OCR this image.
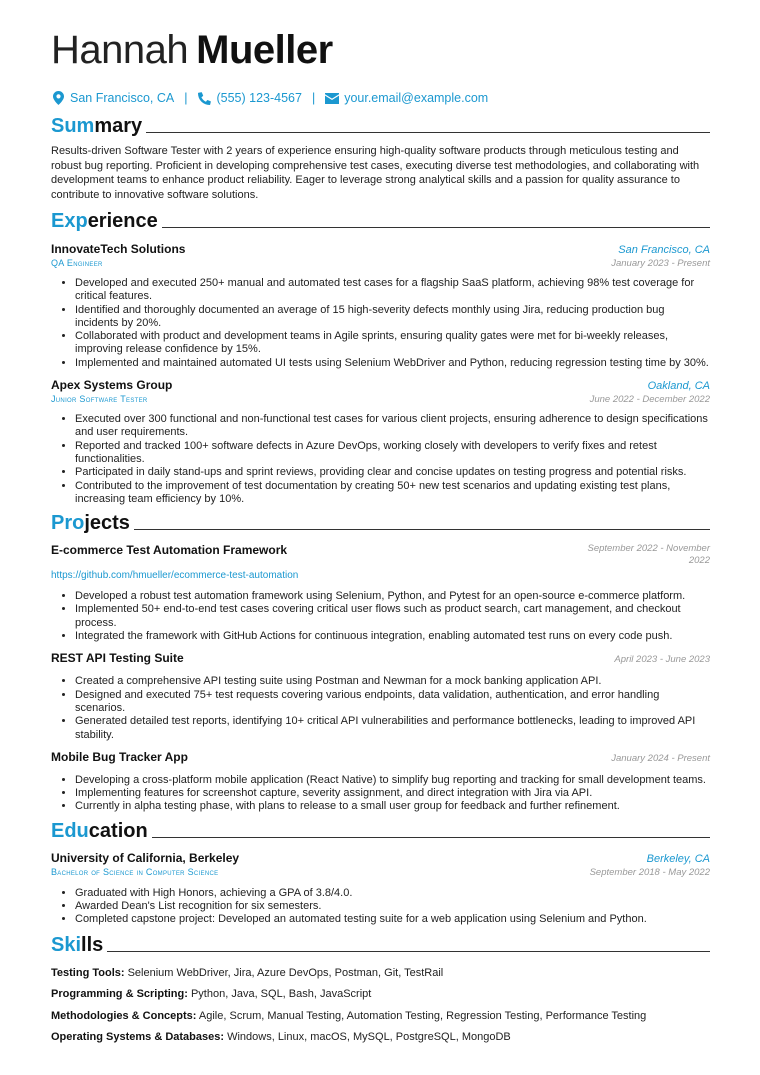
Hannah Mueller
San Francisco, CA | (555) 123-4567 | your.email@example.com
Summary

Results-driven Software Tester with 2 years of experience ensuring high-quality software products through meticulous testing and robust bug reporting. Proficient in developing comprehensive test cases, executing diverse test methodologies, and collaborating with development teams to enhance product reliability. Eager to leverage strong analytical skills and a passion for quality assurance to contribute to innovative software solutions.

Experience
InnovateTech Solutions	San Francisco, CA
QA Engineer	January 2023 - Present
• Developed and executed 250+ manual and automated test cases for a flagship SaaS platform, achieving 98% test coverage for critical features.
• Identified and thoroughly documented an average of 15 high-severity defects monthly using Jira, reducing production bug incidents by 20%.
• Collaborated with product and development teams in Agile sprints, ensuring quality gates were met for bi-weekly releases, improving release confidence by 15%.
• Implemented and maintained automated UI tests using Selenium WebDriver and Python, reducing regression testing time by 30%.
Apex Systems Group	Oakland, CA
Junior Software Tester	June 2022 - December 2022
• Executed over 300 functional and non-functional test cases for various client projects, ensuring adherence to design specifications and user requirements.
• Reported and tracked 100+ software defects in Azure DevOps, working closely with developers to verify fixes and retest functionalities.
• Participated in daily stand-ups and sprint reviews, providing clear and concise updates on testing progress and potential risks.
• Contributed to the improvement of test documentation by creating 50+ new test scenarios and updating existing test plans, increasing team efficiency by 10%.
Projects
E-commerce Test Automation Framework	September 2022 - November 2022
https://github.com/hmueller/ecommerce-test-automation
• Developed a robust test automation framework using Selenium, Python, and Pytest for an open-source e-commerce platform.
• Implemented 50+ end-to-end test cases covering critical user flows such as product search, cart management, and checkout process.
• Integrated the framework with GitHub Actions for continuous integration, enabling automated test runs on every code push.
REST API Testing Suite	April 2023 - June 2023
• Created a comprehensive API testing suite using Postman and Newman for a mock banking application API.
• Designed and executed 75+ test requests covering various endpoints, data validation, authentication, and error handling scenarios.
• Generated detailed test reports, identifying 10+ critical API vulnerabilities and performance bottlenecks, leading to improved API stability.
Mobile Bug Tracker App	January 2024 - Present
• Developing a cross-platform mobile application (React Native) to simplify bug reporting and tracking for small development teams.
• Implementing features for screenshot capture, severity assignment, and direct integration with Jira via API.
• Currently in alpha testing phase, with plans to release to a small user group for feedback and further refinement.
Education
University of California, Berkeley	Berkeley, CA
Bachelor of Science in Computer Science	September 2018 - May 2022
• Graduated with High Honors, achieving a GPA of 3.8/4.0.
• Awarded Dean's List recognition for six semesters.
• Completed capstone project: Developed an automated testing suite for a web application using Selenium and Python.
Skills
Testing Tools: Selenium WebDriver, Jira, Azure DevOps, Postman, Git, TestRail
Programming & Scripting: Python, Java, SQL, Bash, JavaScript
Methodologies & Concepts: Agile, Scrum, Manual Testing, Automation Testing, Regression Testing, Performance Testing
Operating Systems & Databases: Windows, Linux, macOS, MySQL, PostgreSQL, MongoDB
